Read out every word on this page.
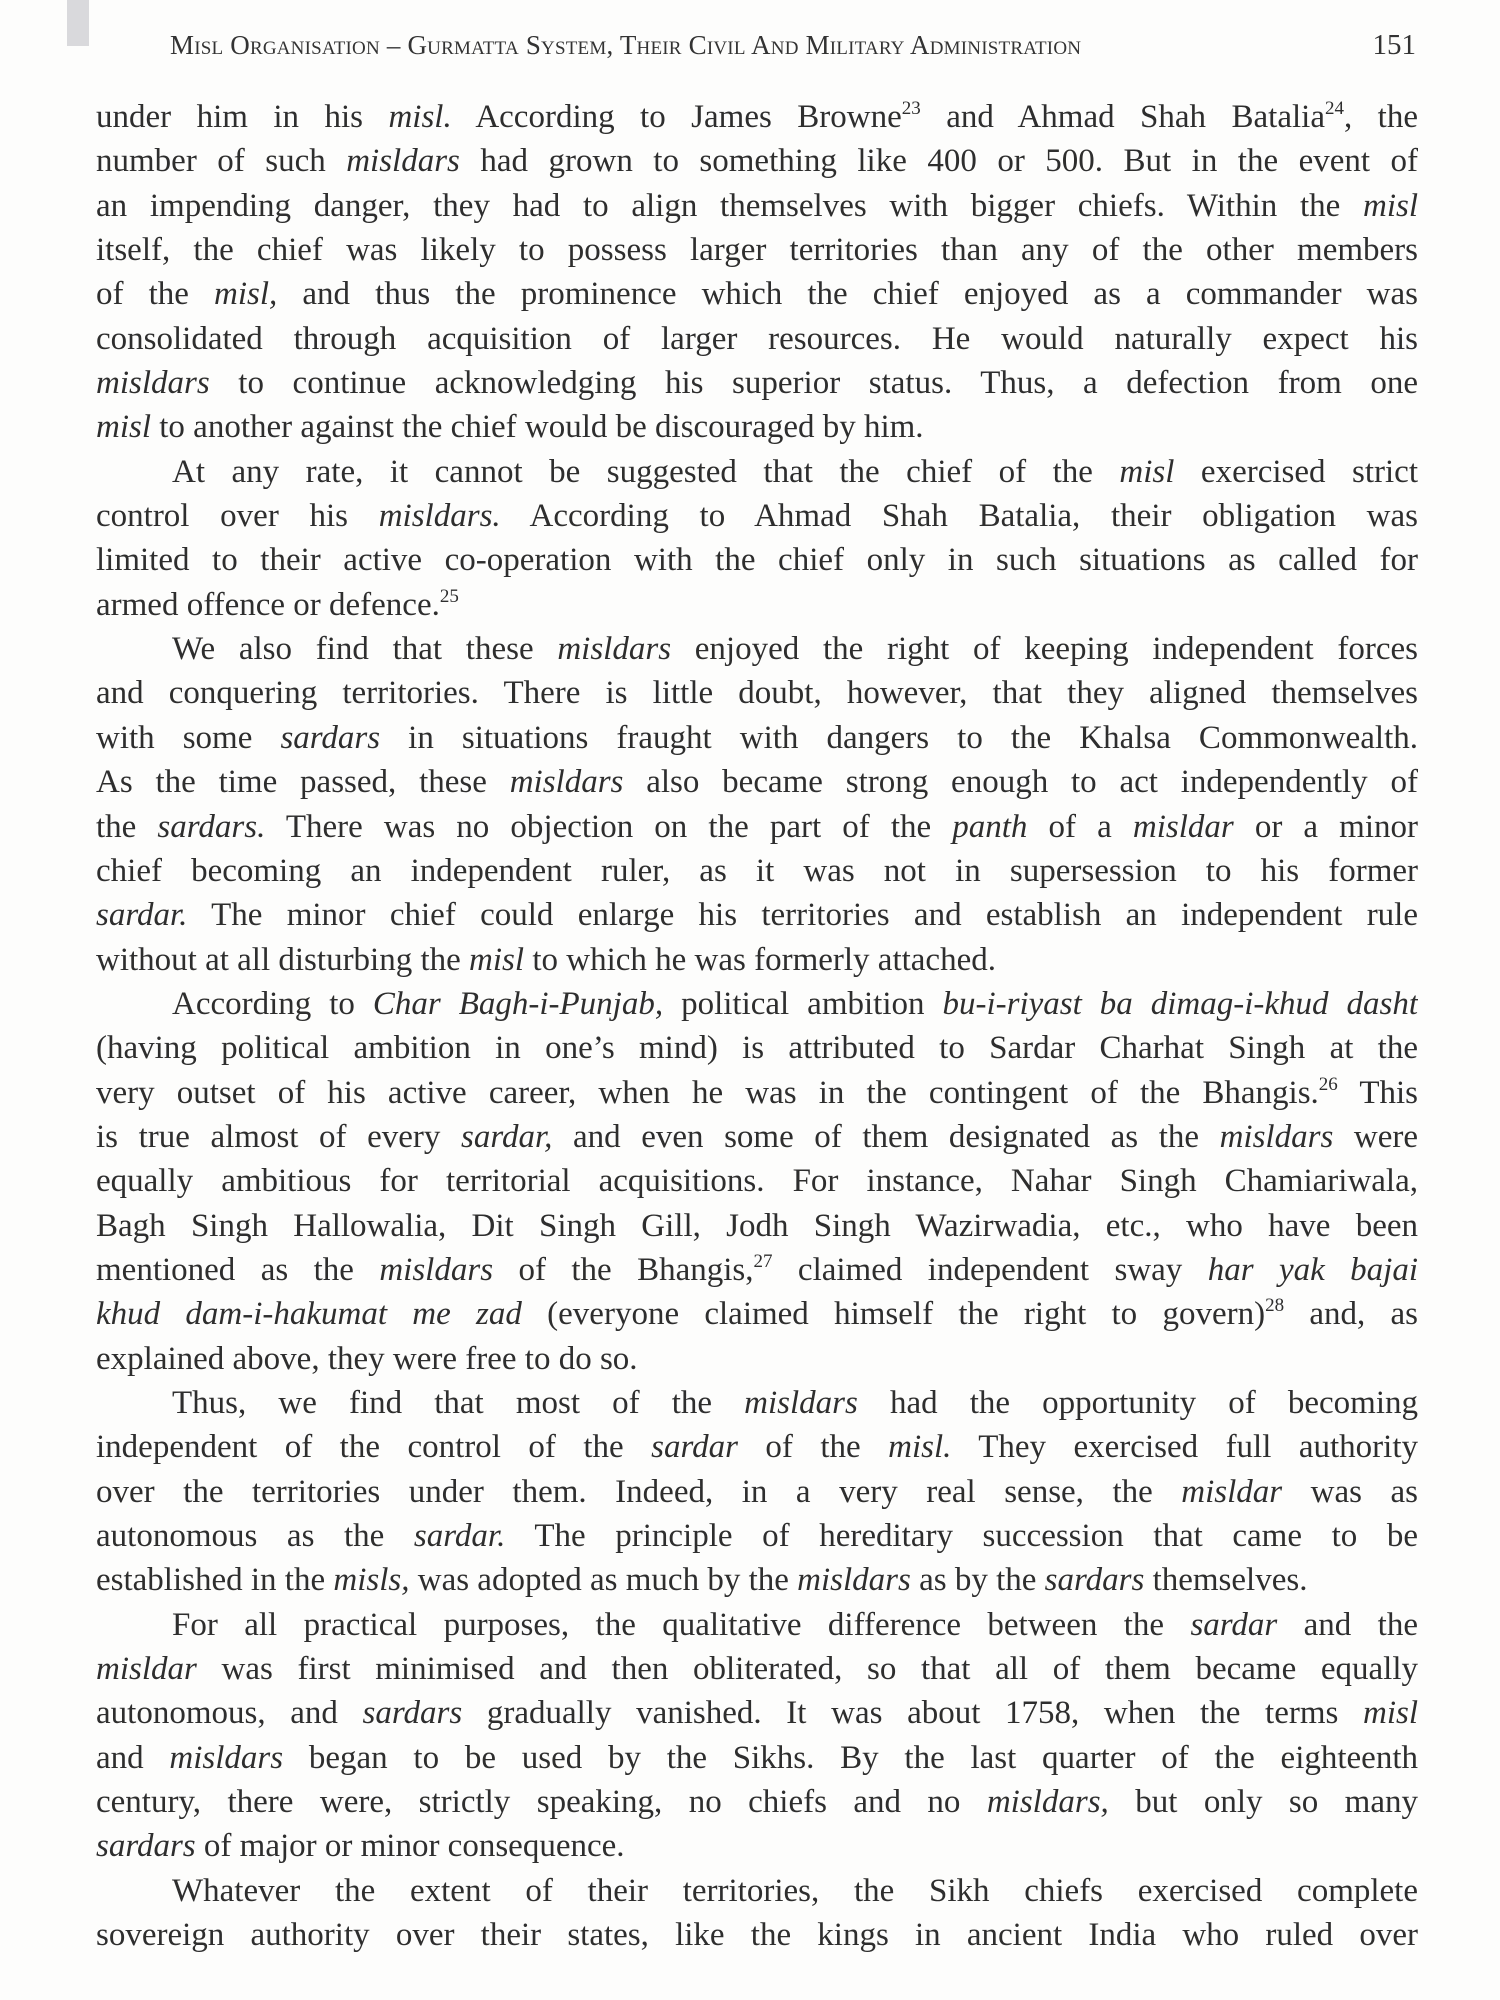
Misl Organisation – Gurmatta System, Their Civil And Military Administration	151
under him in his misl. According to James Browne$^{23}$ and Ahmad Shah Batalia$^{24}$, the
number of such misldars had grown to something like 400 or 500. But in the event of
an impending danger, they had to align themselves with bigger chiefs. Within the misl
itself, the chief was likely to possess larger territories than any of the other members
of the misl, and thus the prominence which the chief enjoyed as a commander was
consolidated through acquisition of larger resources. He would naturally expect his
misldars to continue acknowledging his superior status. Thus, a defection from one
misl to another against the chief would be discouraged by him.
At any rate, it cannot be suggested that the chief of the misl exercised strict
control over his misldars. According to Ahmad Shah Batalia, their obligation was
limited to their active co-operation with the chief only in such situations as called for
armed offence or defence.$^{25}$
We also find that these misldars enjoyed the right of keeping independent forces
and conquering territories. There is little doubt, however, that they aligned themselves
with some sardars in situations fraught with dangers to the Khalsa Commonwealth.
As the time passed, these misldars also became strong enough to act independently of
the sardars. There was no objection on the part of the panth of a misldar or a minor
chief becoming an independent ruler, as it was not in supersession to his former
sardar. The minor chief could enlarge his territories and establish an independent rule
without at all disturbing the misl to which he was formerly attached.
According to Char Bagh-i-Punjab, political ambition bu-i-riyast ba dimag-i-khud dasht
(having political ambition in one’s mind) is attributed to Sardar Charhat Singh at the
very outset of his active career, when he was in the contingent of the Bhangis.$^{26}$ This
is true almost of every sardar, and even some of them designated as the misldars were
equally ambitious for territorial acquisitions. For instance, Nahar Singh Chamiariwala,
Bagh Singh Hallowalia, Dit Singh Gill, Jodh Singh Wazirwadia, etc., who have been
mentioned as the misldars of the Bhangis,$^{27}$ claimed independent sway har yak bajai
khud dam-i-hakumat me zad (everyone claimed himself the right to govern)$^{28}$ and, as
explained above, they were free to do so.
Thus, we find that most of the misldars had the opportunity of becoming
independent of the control of the sardar of the misl. They exercised full authority
over the territories under them. Indeed, in a very real sense, the misldar was as
autonomous as the sardar. The principle of hereditary succession that came to be
established in the misls, was adopted as much by the misldars as by the sardars themselves.
For all practical purposes, the qualitative difference between the sardar and the
misldar was first minimised and then obliterated, so that all of them became equally
autonomous, and sardars gradually vanished. It was about 1758, when the terms misl
and misldars began to be used by the Sikhs. By the last quarter of the eighteenth
century, there were, strictly speaking, no chiefs and no misldars, but only so many
sardars of major or minor consequence.
Whatever the extent of their territories, the Sikh chiefs exercised complete
sovereign authority over their states, like the kings in ancient India who ruled over
